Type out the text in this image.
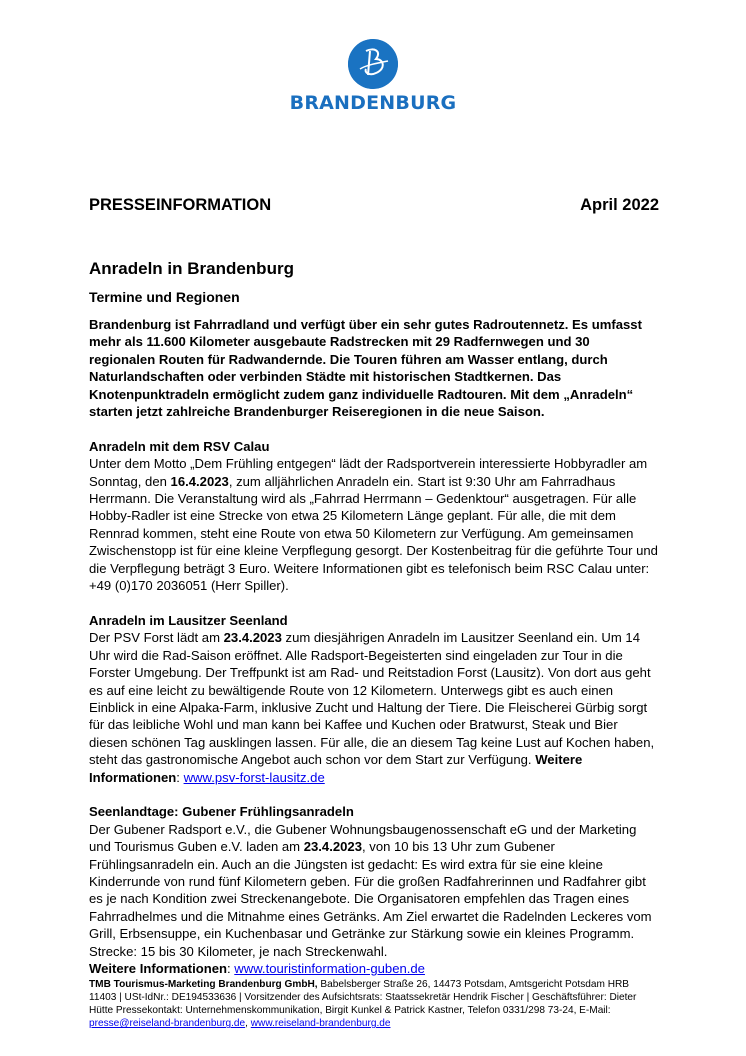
BRANDENBURG
PRESSEINFORMATION	April 2022
Anradeln in Brandenburg
Termine und Regionen

Brandenburg ist Fahrradland und verfügt über ein sehr gutes Radroutennetz. Es umfasst mehr als 11.600 Kilometer ausgebaute Radstrecken mit 29 Radfernwegen und 30 regionalen Routen für Radwandernde. Die Touren führen am Wasser entlang, durch Naturlandschaften oder verbinden Städte mit historischen Stadtkernen. Das Knotenpunktradeln ermöglicht zudem ganz individuelle Radtouren. Mit dem „Anradeln“ starten jetzt zahlreiche Brandenburger Reiseregionen in die neue Saison.

Anradeln mit dem RSV Calau

Unter dem Motto „Dem Frühling entgegen“ lädt der Radsportverein interessierte Hobbyradler am Sonntag, den 16.4.2023, zum alljährlichen Anradeln ein. Start ist 9:30 Uhr am Fahrradhaus Herrmann. Die Veranstaltung wird als „Fahrrad Herrmann – Gedenktour“ ausgetragen. Für alle Hobby-Radler ist eine Strecke von etwa 25 Kilometern Länge geplant. Für alle, die mit dem Rennrad kommen, steht eine Route von etwa 50 Kilometern zur Verfügung. Am gemeinsamen Zwischenstopp ist für eine kleine Verpflegung gesorgt. Der Kostenbeitrag für die geführte Tour und die Verpflegung beträgt 3 Euro. Weitere Informationen gibt es telefonisch beim RSC Calau unter: +49 (0)170 2036051 (Herr Spiller).

Anradeln im Lausitzer Seenland

Der PSV Forst lädt am 23.4.2023 zum diesjährigen Anradeln im Lausitzer Seenland ein. Um 14 Uhr wird die Rad-Saison eröffnet. Alle Radsport-Begeisterten sind eingeladen zur Tour in die Forster Umgebung. Der Treffpunkt ist am Rad- und Reitstadion Forst (Lausitz). Von dort aus geht es auf eine leicht zu bewältigende Route von 12 Kilometern. Unterwegs gibt es auch einen Einblick in eine Alpaka-Farm, inklusive Zucht und Haltung der Tiere. Die Fleischerei Gürbig sorgt für das leibliche Wohl und man kann bei Kaffee und Kuchen oder Bratwurst, Steak und Bier diesen schönen Tag ausklingen lassen. Für alle, die an diesem Tag keine Lust auf Kochen haben, steht das gastronomische Angebot auch schon vor dem Start zur Verfügung. Weitere Informationen: www.psv-forst-lausitz.de

Seenlandtage: Gubener Frühlingsanradeln

Der Gubener Radsport e.V., die Gubener Wohnungsbaugenossenschaft eG und der Marketing und Tourismus Guben e.V. laden am 23.4.2023, von 10 bis 13 Uhr zum Gubener Frühlingsanradeln ein. Auch an die Jüngsten ist gedacht: Es wird extra für sie eine kleine Kinderrunde von rund fünf Kilometern geben. Für die großen Radfahrerinnen und Radfahrer gibt es je nach Kondition zwei Streckenangebote. Die Organisatoren empfehlen das Tragen eines Fahrradhelmes und die Mitnahme eines Getränks. Am Ziel erwartet die Radelnden Leckeres vom Grill, Erbsensuppe, ein Kuchenbasar und Getränke zur Stärkung sowie ein kleines Programm. Strecke: 15 bis 30 Kilometer, je nach Streckenwahl.
Weitere Informationen: www.touristinformation-guben.de

TMB Tourismus-Marketing Brandenburg GmbH, Babelsberger Straße 26, 14473 Potsdam, Amtsgericht Potsdam HRB 11403 | USt-IdNr.: DE194533636 | Vorsitzender des Aufsichtsrats: Staatssekretär Hendrik Fischer | Geschäftsführer: Dieter Hütte Pressekontakt: Unternehmenskommunikation, Birgit Kunkel & Patrick Kastner, Telefon 0331/298 73-24, E-Mail: presse@reiseland-brandenburg.de, www.reiseland-brandenburg.de
